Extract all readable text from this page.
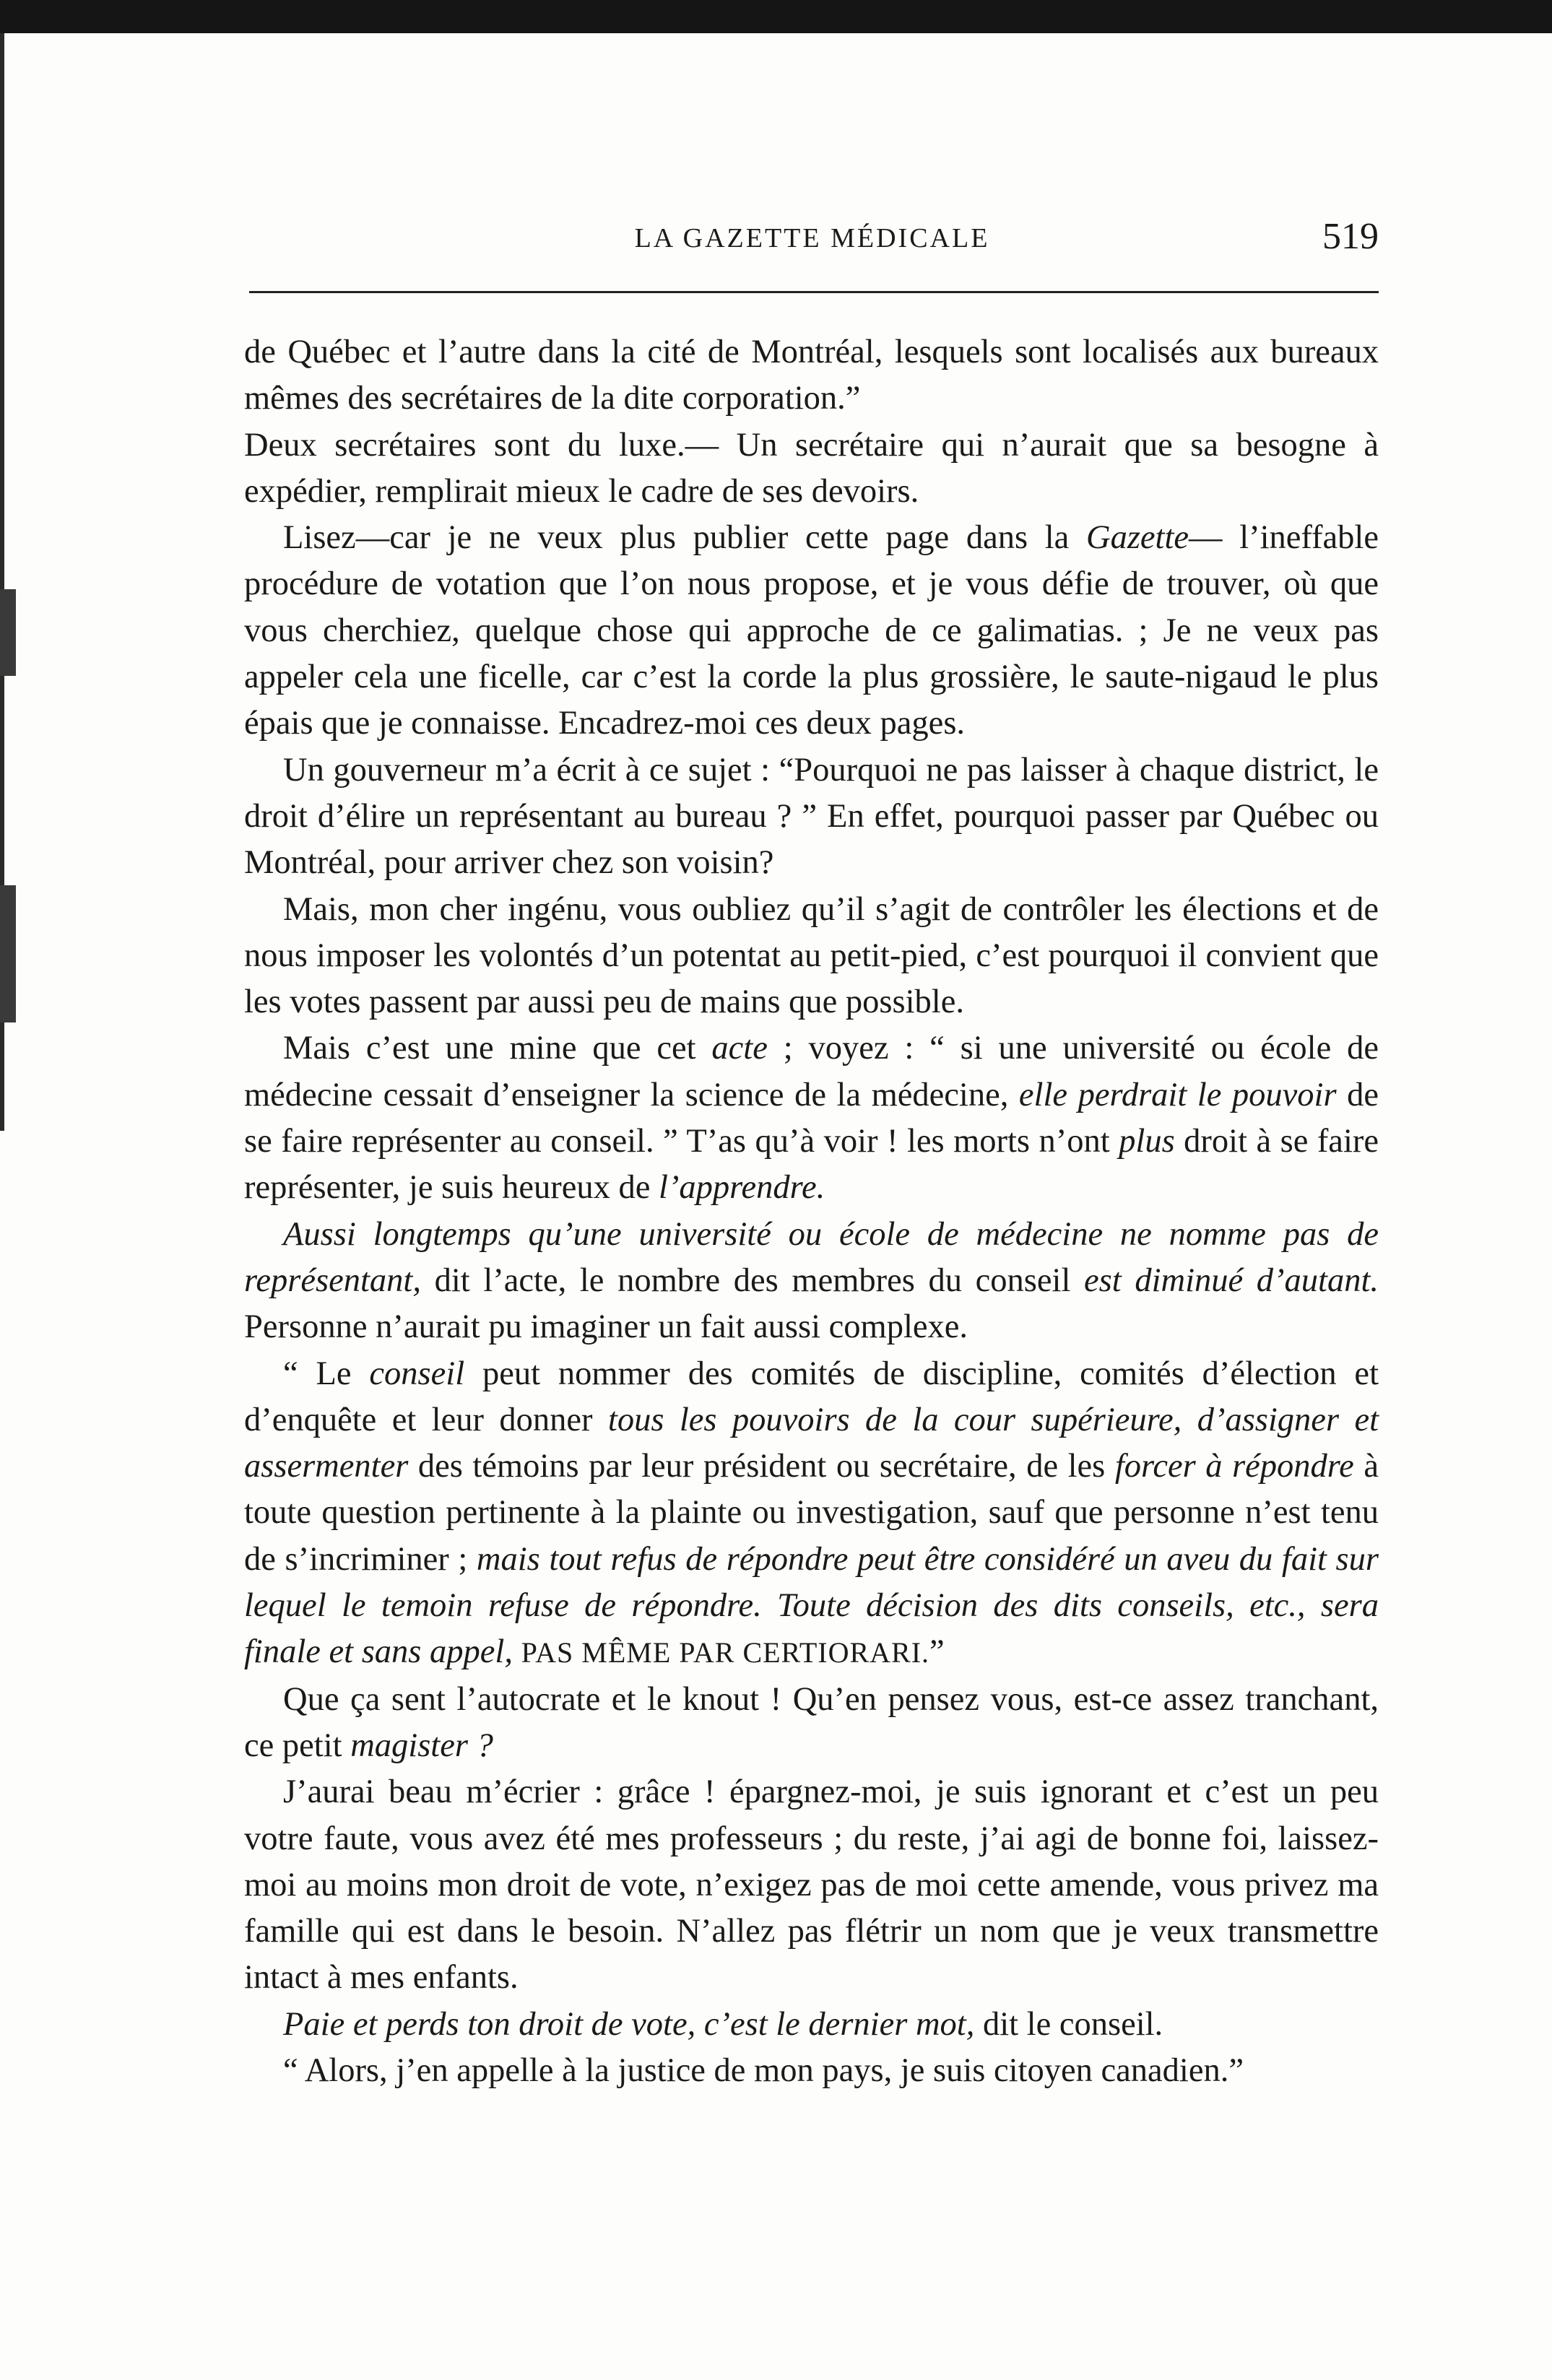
LA GAZETTE MÉDICALE	519

de Québec et l’autre dans la cité de Montréal, lesquels sont localisés aux bureaux mêmes des secrétaires de la dite corporation.”

Deux secrétaires sont du luxe.— Un secrétaire qui n’aurait que sa besogne à expédier, remplirait mieux le cadre de ses devoirs.

Lisez—car je ne veux plus publier cette page dans la Gazette— l’ineffable procédure de votation que l’on nous propose, et je vous défie de trouver, où que vous cherchiez, quelque chose qui approche de ce galimatias. ; Je ne veux pas appeler cela une ficelle, car c’est la corde la plus grossière, le saute-nigaud le plus épais que je connaisse. Encadrez-moi ces deux pages.

Un gouverneur m’a écrit à ce sujet : “Pourquoi ne pas laisser à chaque district, le droit d’élire un représentant au bureau ? ” En effet, pourquoi passer par Québec ou Montréal, pour arriver chez son voisin?

Mais, mon cher ingénu, vous oubliez qu’il s’agit de contrôler les élections et de nous imposer les volontés d’un potentat au petit-pied, c’est pourquoi il convient que les votes passent par aussi peu de mains que possible.

Mais c’est une mine que cet acte ; voyez : “ si une université ou école de médecine cessait d’enseigner la science de la médecine, elle perdrait le pouvoir de se faire représenter au conseil. ” T’as qu’à voir ! les morts n’ont plus droit à se faire représenter, je suis heureux de l’apprendre.

Aussi longtemps qu’une université ou école de médecine ne nomme pas de représentant, dit l’acte, le nombre des membres du conseil est diminué d’autant. Personne n’aurait pu imaginer un fait aussi complexe.

“ Le conseil peut nommer des comités de discipline, comités d’élection et d’enquête et leur donner tous les pouvoirs de la cour supérieure, d’assigner et assermenter des témoins par leur président ou secrétaire, de les forcer à répondre à toute question pertinente à la plainte ou investigation, sauf que personne n’est tenu de s’incriminer ; mais tout refus de répondre peut être considéré un aveu du fait sur lequel le temoin refuse de répondre. Toute décision des dits conseils, etc., sera finale et sans appel, PAS MÊME PAR CERTIORARI.”

Que ça sent l’autocrate et le knout ! Qu’en pensez vous, est-ce assez tranchant, ce petit magister ?

J’aurai beau m’écrier : grâce ! épargnez-moi, je suis ignorant et c’est un peu votre faute, vous avez été mes professeurs ; du reste, j’ai agi de bonne foi, laissez-moi au moins mon droit de vote, n’exigez pas de moi cette amende, vous privez ma famille qui est dans le besoin. N’allez pas flétrir un nom que je veux transmettre intact à mes enfants.

Paie et perds ton droit de vote, c’est le dernier mot, dit le conseil.

“ Alors, j’en appelle à la justice de mon pays, je suis citoyen canadien.”
